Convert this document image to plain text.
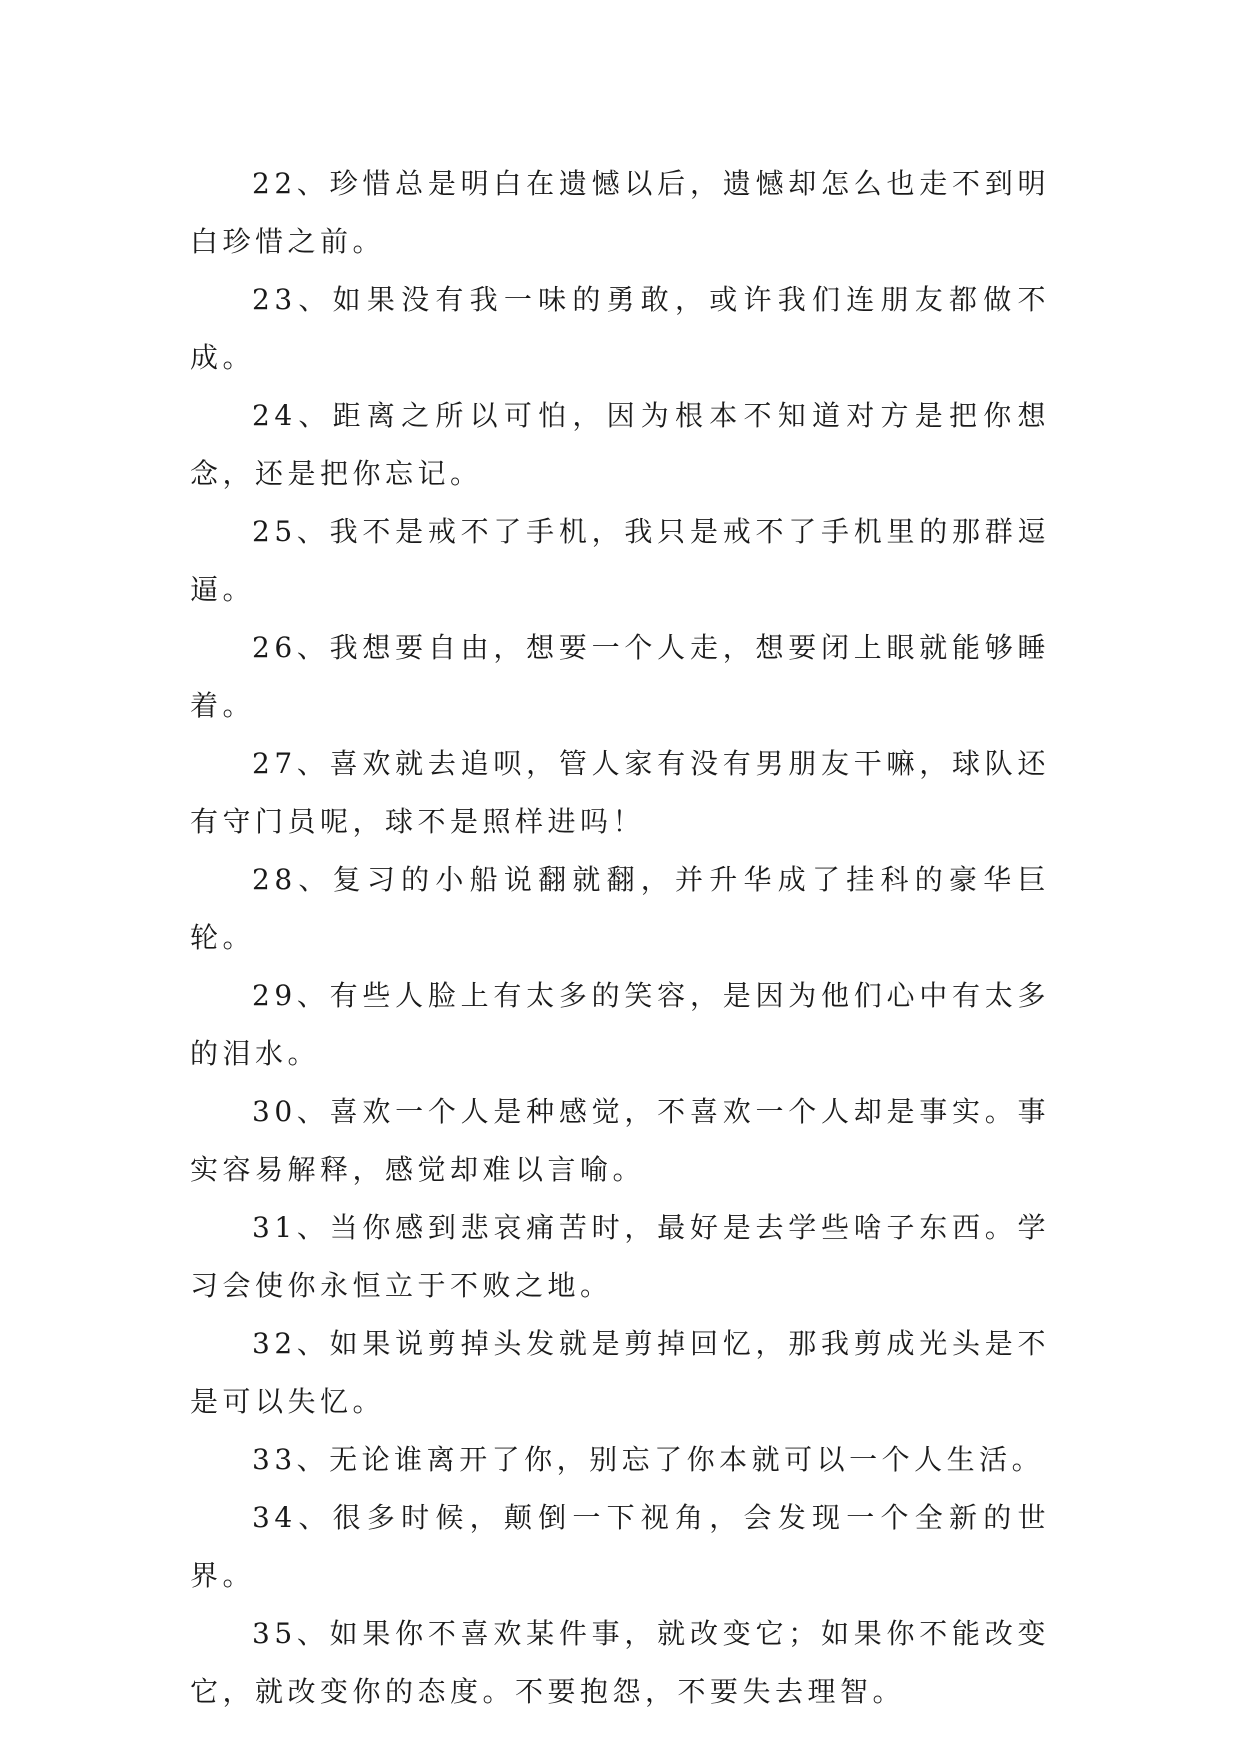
22、珍惜总是明白在遗憾以后，遗憾却怎么也走不到明白珍惜之前。

23、如果没有我一味的勇敢，或许我们连朋友都做不成。

24、距离之所以可怕，因为根本不知道对方是把你想念，还是把你忘记。

25、我不是戒不了手机，我只是戒不了手机里的那群逗逼。

26、我想要自由，想要一个人走，想要闭上眼就能够睡着。

27、喜欢就去追呗，管人家有没有男朋友干嘛，球队还有守门员呢，球不是照样进吗！

28、复习的小船说翻就翻，并升华成了挂科的豪华巨轮。

29、有些人脸上有太多的笑容，是因为他们心中有太多的泪水。

30、喜欢一个人是种感觉，不喜欢一个人却是事实。事实容易解释，感觉却难以言喻。

31、当你感到悲哀痛苦时，最好是去学些啥子东西。学习会使你永恒立于不败之地。

32、如果说剪掉头发就是剪掉回忆，那我剪成光头是不是可以失忆。

33、无论谁离开了你，别忘了你本就可以一个人生活。

34、很多时候，颠倒一下视角，会发现一个全新的世界。

35、如果你不喜欢某件事，就改变它；如果你不能改变它，就改变你的态度。不要抱怨，不要失去理智。
